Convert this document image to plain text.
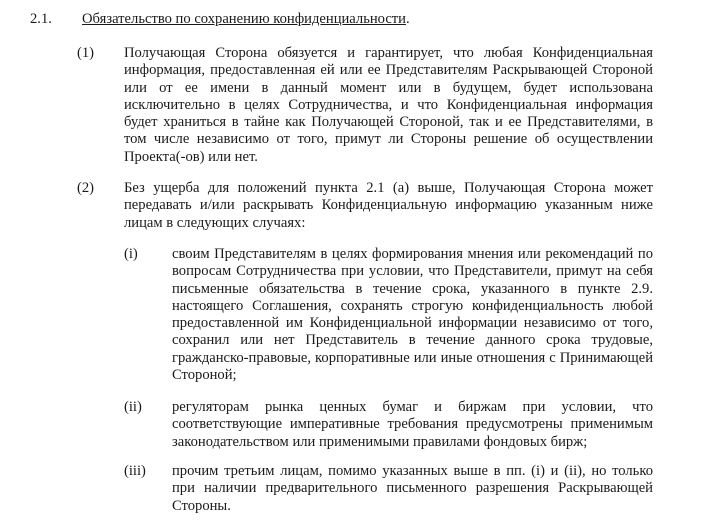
2.1. Обязательство по сохранению конфиденциальности.
(1) Получающая Сторона обязуется и гарантирует, что любая Конфиденциальная информация, предоставленная ей или ее Представителям Раскрывающей Стороной или от ее имени в данный момент или в будущем, будет использована исключительно в целях Сотрудничества, и что Конфиденциальная информация будет храниться в тайне как Получающей Стороной, так и ее Представителями, в том числе независимо от того, примут ли Стороны решение об осуществлении Проекта(-ов) или нет.
(2) Без ущерба для положений пункта 2.1 (а) выше, Получающая Сторона может передавать и/или раскрывать Конфиденциальную информацию указанным ниже лицам в следующих случаях:
(i) своим Представителям в целях формирования мнения или рекомендаций по вопросам Сотрудничества при условии, что Представители, примут на себя письменные обязательства в течение срока, указанного в пункте 2.9. настоящего Соглашения, сохранять строгую конфиденциальность любой предоставленной им Конфиденциальной информации независимо от того, сохранил или нет Представитель в течение данного срока трудовые, гражданско-правовые, корпоративные или иные отношения с Принимающей Стороной;
(ii) регуляторам рынка ценных бумаг и биржам при условии, что соответствующие императивные требования предусмотрены применимым законодательством или применимыми правилами фондовых бирж;
(iii) прочим третьим лицам, помимо указанных выше в пп. (i) и (ii), но только при наличии предварительного письменного разрешения Раскрывающей Стороны.
